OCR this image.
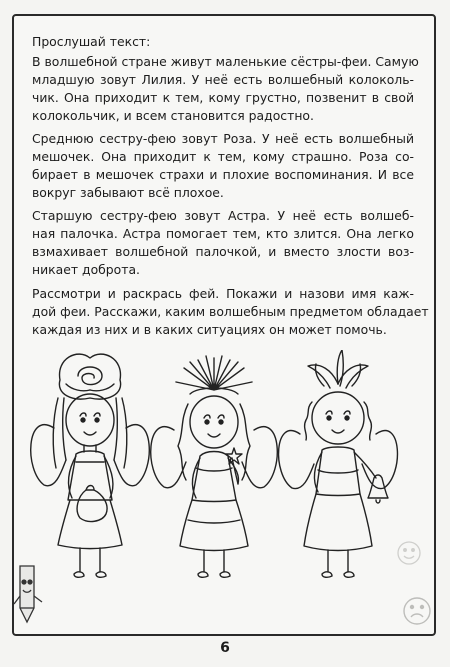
Прослушай текст:

В волшебной стране живут маленькие сёстры-феи. Самую
младшую зовут Лилия. У неё есть волшебный колоколь-
чик. Она приходит к тем, кому грустно, позвенит в свой
колокольчик, и всем становится радостно.
Среднюю сестру-фею зовут Роза. У неё есть волшебный
мешочек. Она приходит к тем, кому страшно. Роза со-
бирает в мешочек страхи и плохие воспоминания. И все
вокруг забывают всё плохое.
Старшую сестру-фею зовут Астра. У неё есть волшеб-
ная палочка. Астра помогает тем, кто злится. Она легко
взмахивает волшебной палочкой, и вместо злости воз-
никает доброта.
Рассмотри и раскрась фей. Покажи и назови имя каж-
дой феи. Расскажи, каким волшебным предметом обладает
каждая из них и в каких ситуациях он может помочь.
6
